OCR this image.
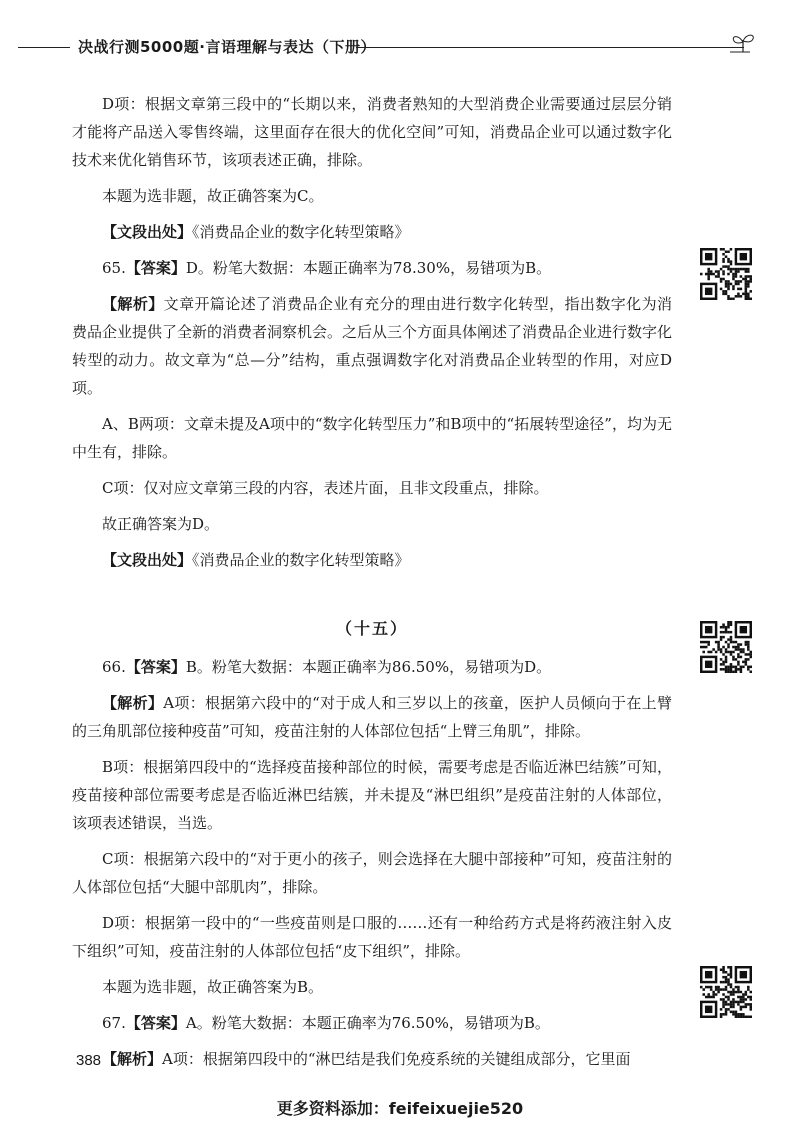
决战行测5000题·言语理解与表达（下册）

D项：根据文章第三段中的“长期以来，消费者熟知的大型消费企业需要通过层层分销才能将产品送入零售终端，这里面存在很大的优化空间”可知，消费品企业可以通过数字化技术来优化销售环节，该项表述正确，排除。

本题为选非题，故正确答案为C。

【文段出处】《消费品企业的数字化转型策略》

65.【答案】D。粉笔大数据：本题正确率为78.30%，易错项为B。

【解析】文章开篇论述了消费品企业有充分的理由进行数字化转型，指出数字化为消费品企业提供了全新的消费者洞察机会。之后从三个方面具体阐述了消费品企业进行数字化转型的动力。故文章为“总—分”结构，重点强调数字化对消费品企业转型的作用，对应D项。

A、B两项：文章未提及A项中的“数字化转型压力”和B项中的“拓展转型途径”，均为无中生有，排除。

C项：仅对应文章第三段的内容，表述片面，且非文段重点，排除。

故正确答案为D。

【文段出处】《消费品企业的数字化转型策略》

（十五）

66.【答案】B。粉笔大数据：本题正确率为86.50%，易错项为D。

【解析】A项：根据第六段中的“对于成人和三岁以上的孩童，医护人员倾向于在上臂的三角肌部位接种疫苗”可知，疫苗注射的人体部位包括“上臂三角肌”，排除。

B项：根据第四段中的“选择疫苗接种部位的时候，需要考虑是否临近淋巴结簇”可知，疫苗接种部位需要考虑是否临近淋巴结簇，并未提及“淋巴组织”是疫苗注射的人体部位，该项表述错误，当选。

C项：根据第六段中的“对于更小的孩子，则会选择在大腿中部接种”可知，疫苗注射的人体部位包括“大腿中部肌肉”，排除。

D项：根据第一段中的“一些疫苗则是口服的……还有一种给药方式是将药液注射入皮下组织”可知，疫苗注射的人体部位包括“皮下组织”，排除。

本题为选非题，故正确答案为B。

67.【答案】A。粉笔大数据：本题正确率为76.50%，易错项为B。

【解析】A项：根据第四段中的“淋巴结是我们免疫系统的关键组成部分，它里面

388
更多资料添加：feifeixuejie520
